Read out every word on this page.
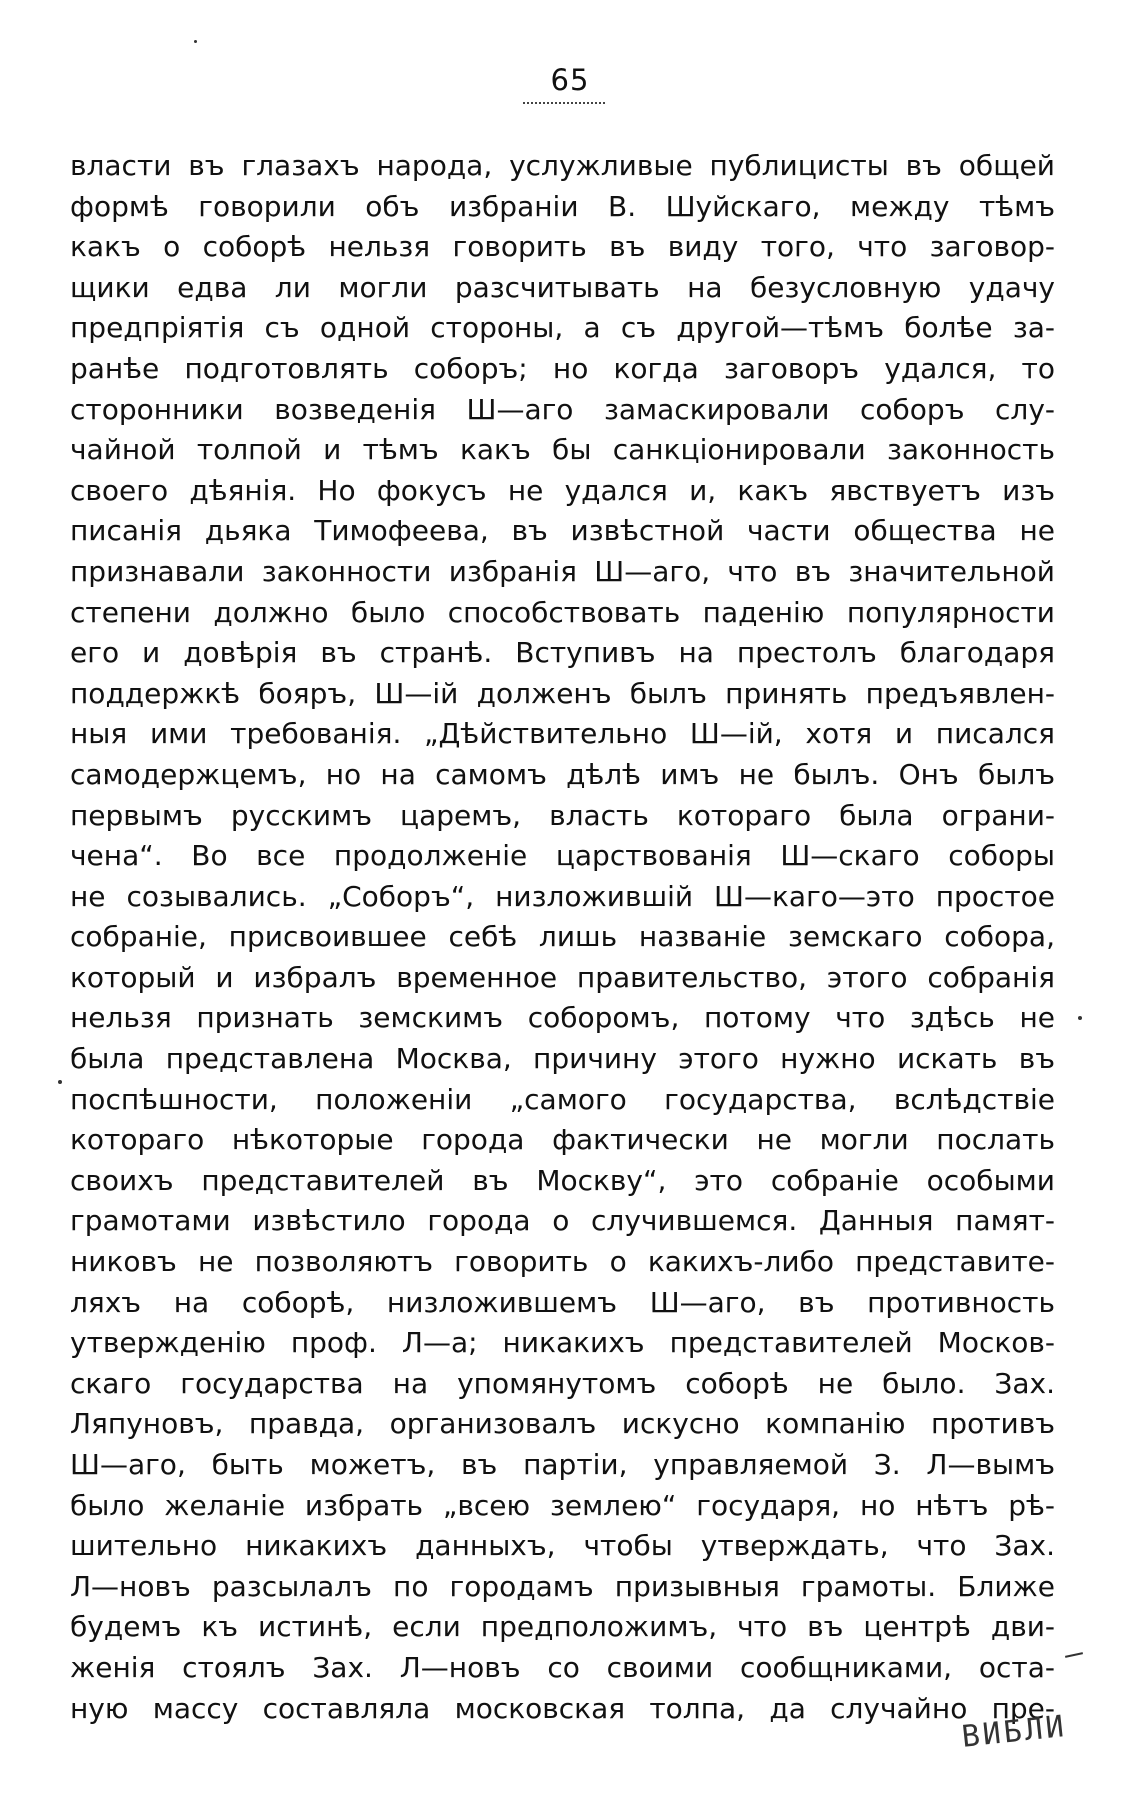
65
власти въ глазахъ народа, услужливые публицисты въ общей
формѣ говорили объ избраніи В. Шуйскаго, между тѣмъ
какъ о соборѣ нельзя говорить въ виду того, что заговор-
щики едва ли могли разсчитывать на безусловную удачу
предпріятія съ одной стороны, а съ другой—тѣмъ болѣе за-
ранѣе подготовлять соборъ; но когда заговоръ удался, то
сторонники возведенія Ш—аго замаскировали соборъ слу-
чайной толпой и тѣмъ какъ бы санкціонировали законность
своего дѣянія. Но фокусъ не удался и, какъ явствуетъ изъ
писанія дьяка Тимофеева, въ извѣстной части общества не
признавали законности избранія Ш—аго, что въ значительной
степени должно было способствовать паденію популярности
его и довѣрія въ странѣ. Вступивъ на престолъ благодаря
поддержкѣ бояръ, Ш—ій долженъ былъ принять предъявлен-
ныя ими требованія. „Дѣйствительно Ш—ій, хотя и писался
самодержцемъ, но на самомъ дѣлѣ имъ не былъ. Онъ былъ
первымъ русскимъ царемъ, власть котораго была ограни-
чена“. Во все продолженіе царствованія Ш—скаго соборы
не созывались. „Соборъ“, низложившій Ш—каго—это простое
собраніе, присвоившее себѣ лишь названіе земскаго собора,
который и избралъ временное правительство, этого собранія
нельзя признать земскимъ соборомъ, потому что здѣсь не
была представлена Москва, причину этого нужно искать въ
поспѣшности, положеніи „самого государства, вслѣдствіе
котораго нѣкоторые города фактически не могли послать
своихъ представителей въ Москву“, это собраніе особыми
грамотами извѣстило города о случившемся. Данныя памят-
никовъ не позволяютъ говорить о какихъ-либо представите-
ляхъ на соборѣ, низложившемъ Ш—аго, въ противность
утвержденію проф. Л—а; никакихъ представителей Москов-
скаго государства на упомянутомъ соборѣ не было. Зах.
Ляпуновъ, правда, организовалъ искусно компанію противъ
Ш—аго, быть можетъ, въ партіи, управляемой З. Л—вымъ
было желаніе избрать „всею землею“ государя, но нѣтъ рѣ-
шительно никакихъ данныхъ, чтобы утверждать, что Зах.
Л—новъ разсылалъ по городамъ призывныя грамоты. Ближе
будемъ къ истинѣ, если предположимъ, что въ центрѣ дви-
женія стоялъ Зах. Л—новъ со своими сообщниками, оста-
ную массу составляла московская толпа, да случайно пре-
ВИБЛИ
